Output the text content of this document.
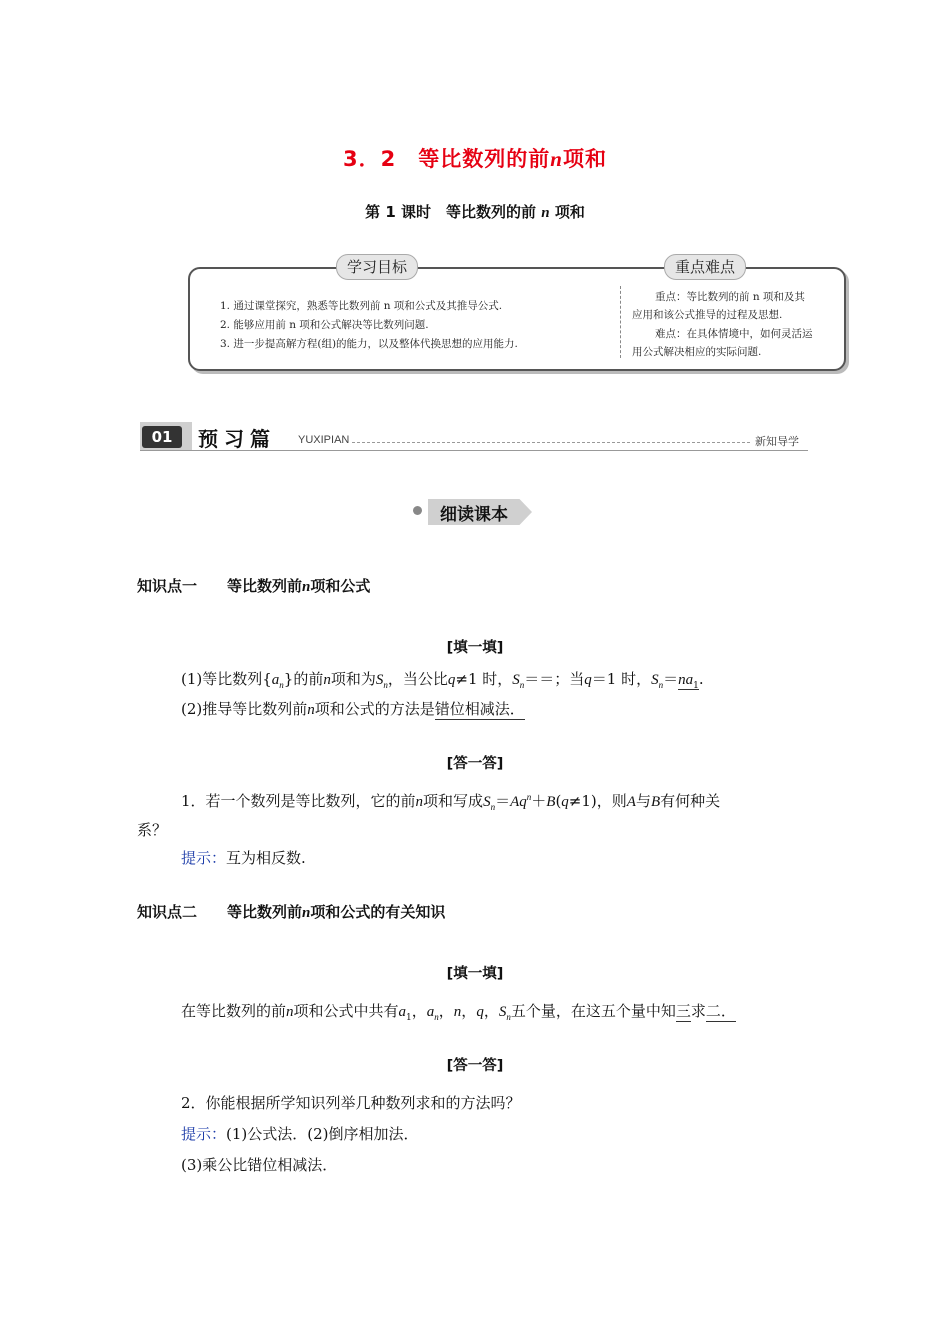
3．2　等比数列的前n项和
第 1 课时　等比数列的前 n 项和
学习目标	重点难点
1. 通过课堂探究，熟悉等比数列前 n 项和公式及其推导公式.
2. 能够应用前 n 项和公式解决等比数列问题.
3. 进一步提高解方程(组)的能力，以及整体代换思想的应用能力.
重点：等比数列的前 n 项和及其
应用和该公式推导的过程及思想.
难点：在具体情境中，如何灵活运
用公式解决相应的实际问题.
01	预习篇 YUXIPIAN	新知导学
细读课本
知识点一　　等比数列前n项和公式
[填一填]
(1)等比数列$\{a_n\}$的前n项和为$S_n$，当公比q≠1 时，$S_n==$；当q＝1 时，$S_n=na_1$.
(2)推导等比数列前n项和公式的方法是错位相减法．
[答一答]
1．若一个数列是等比数列，它的前n项和写成$S_n=Aq^n+B(q\ne 1)$，则A与B有何种关
系？
提示：互为相反数.
知识点二　　等比数列前n项和公式的有关知识
[填一填]
在等比数列的前n项和公式中共有$a_1$，$a_n$，n，q，$S_n$五个量，在这五个量中知三求二．
[答一答]
2．你能根据所学知识列举几种数列求和的方法吗？
提示：(1)公式法．(2)倒序相加法．
(3)乘公比错位相减法．
